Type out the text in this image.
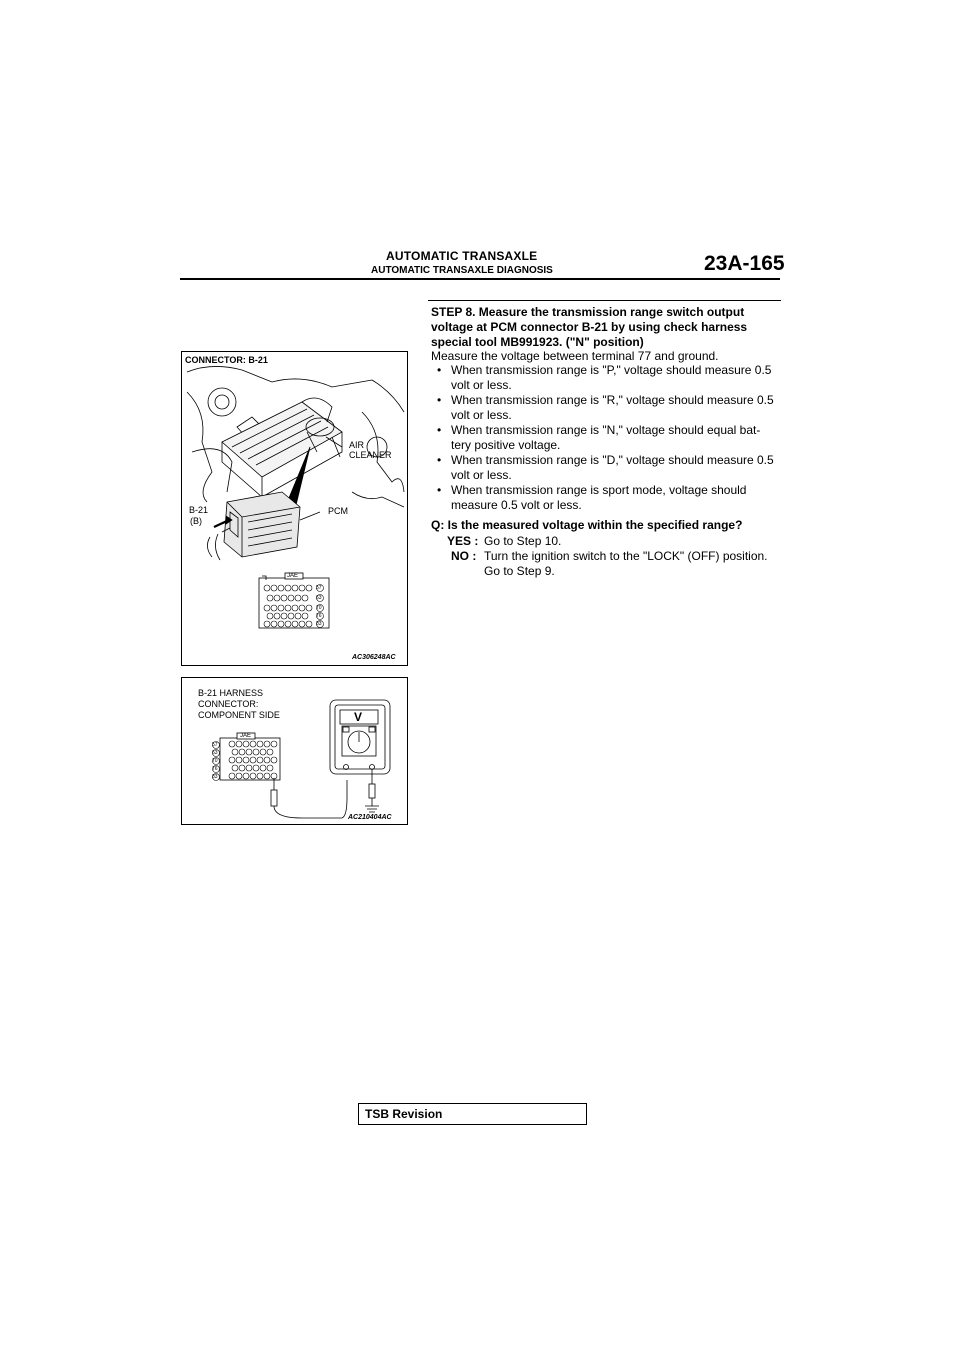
AUTOMATIC TRANSAXLE
AUTOMATIC TRANSAXLE DIAGNOSIS	23A-165
CONNECTOR: B-21
AIR
CLEANER
PCM
B-21
(B)
JAE
57
63
70
76
83
AC306248AC
B-21 HARNESS
CONNECTOR:
COMPONENT SIDE
JAE
V
57
63
70
76
83
AC210404AC

STEP 8. Measure the transmission range switch output voltage at PCM connector B-21 by using check harness special tool MB991923. ("N" position)

Measure the voltage between terminal 77 and ground.
• When transmission range is "P," voltage should measure 0.5 volt or less.
• When transmission range is "R," voltage should measure 0.5 volt or less.
• When transmission range is "N," voltage should equal bat- tery positive voltage.
• When transmission range is "D," voltage should measure 0.5 volt or less.
• When transmission range is sport mode, voltage should measure 0.5 volt or less.
Q: Is the measured voltage within the specified range?
YES : Go to Step 10.
NO : Turn the ignition switch to the "LOCK" (OFF) position. Go to Step 9.
TSB Revision
